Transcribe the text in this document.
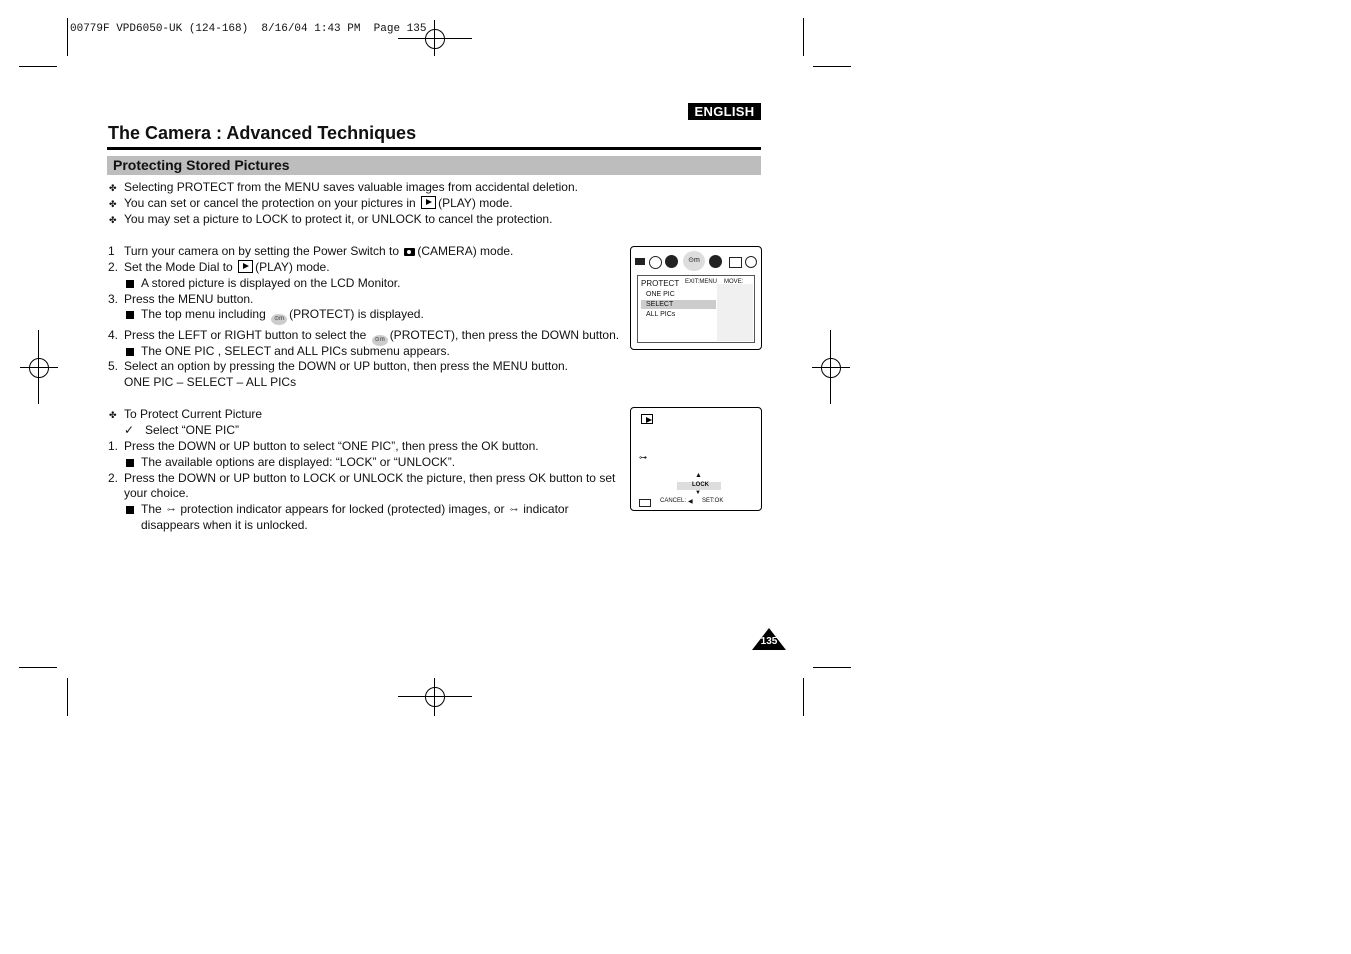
00779F VPD6050-UK (124-168)  8/16/04 1:43 PM  Page 135
ENGLISH
The Camera : Advanced Techniques
Protecting Stored Pictures
✤ Selecting PROTECT from the MENU saves valuable images from accidental deletion.
✤ You can set or cancel the protection on your pictures in (PLAY) mode.
✤ You may set a picture to LOCK to protect it, or UNLOCK to cancel the protection.
1 Turn your camera on by setting the Power Switch to (CAMERA) mode.
2. Set the Mode Dial to (PLAY) mode.
A stored picture is displayed on the LCD Monitor.
3. Press the MENU button.
The top menu including ⊙m (PROTECT) is displayed.
4. Press the LEFT or RIGHT button to select the ⊙m (PROTECT), then press the DOWN button.
The ONE PIC , SELECT and ALL PICs submenu appears.
5. Select an option by pressing the DOWN or UP button, then press the MENU button.
ONE PIC – SELECT – ALL PICs
✤ To Protect Current Picture
✓ Select “ONE PIC”
1. Press the DOWN or UP button to select “ONE PIC”, then press the OK button.
The available options are displayed: “LOCK” or “UNLOCK”.
2. Press the DOWN or UP button to LOCK or UNLOCK the picture, then press OK button to set
your choice.
The ⊶ protection indicator appears for locked (protected) images, or ⊶ indicator
disappears when it is unlocked.
⊙m
PROTECT EXIT:MENU MOVE:
ONE PIC
SELECT
ALL PICs
⊶
▲
LOCK
▼
CANCEL: ◀ SET:OK
135
